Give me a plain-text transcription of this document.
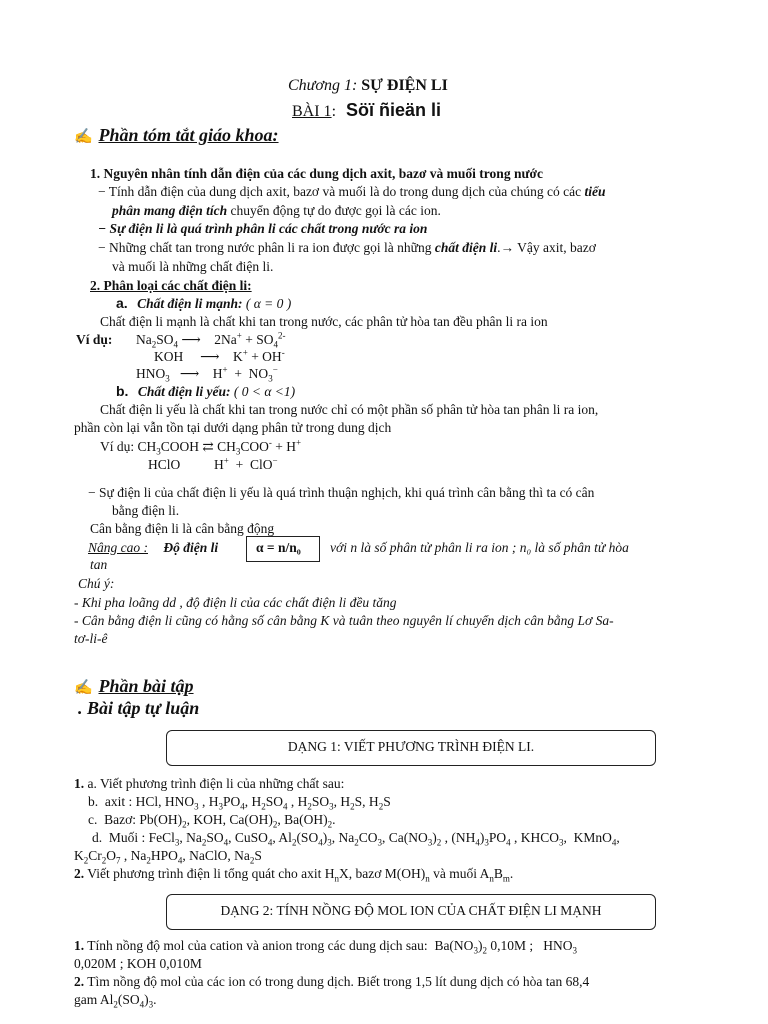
Chương 1: SỰ ĐIỆN LI
BÀI 1: Söï ñieän li
✍ Phần tóm tắt giáo khoa:
1. Nguyên nhân tính dẫn điện của các dung dịch axit, bazơ và muối trong nước
− Tính dẫn điện của dung dịch axit, bazơ và muối là do trong dung dịch của chúng có các tiểu
phân mang điện tích chuyển động tự do được gọi là các ion.
− Sự điện li là quá trình phân li các chất trong nước ra ion
− Những chất tan trong nước phân li ra ion được gọi là những chất điện li.→ Vậy axit, bazơ
và muối là những chất điện li.
2. Phân loại các chất điện li:
a. Chất điện li mạnh: ( α = 0 )
Chất điện li mạnh là chất khi tan trong nước, các phân tử hòa tan đều phân li ra ion
Ví dụ: $Na_2SO_4$ ⟶    $2Na^+ + SO_4^{2-}$
KOH     ⟶    K+ + OH-
$HNO_3$   ⟶    $H^+ + NO_3^-$
b. Chất điện li yếu: ( 0 < α <1)
Chất điện li yếu là chất khi tan trong nước chỉ có một phần số phân tử hòa tan phân li ra ion,
phần còn lại vẫn tồn tại dưới dạng phân tử trong dung dịch
Ví dụ: $CH_3COOH$ ⇄ $CH_3COO^- + H^+$
HClO          H+  +  ClO−
− Sự điện li của chất điện li yếu là quá trình thuận nghịch, khi quá trình cân bằng thì ta có cân
bằng điện li.
Cân bằng điện li là cân bằng động
Nâng cao : Độ điện li	α = n/n₀ với n là số phân tử phân li ra ion ; n₀ là số phân tử hòa
tan
Chú ý:
- Khi pha loãng dd , độ điện li của các chất điện li đều tăng
- Cân bằng điện li cũng có hằng số cân bằng K và tuân theo nguyên lí chuyển dịch cân bằng Lơ Sa-
tơ-li-ê
✍ Phần bài tập
. Bài tập tự luận
DẠNG 1: VIẾT PHƯƠNG TRÌNH ĐIỆN LI.
1. a. Viết phương trình điện li của những chất sau:
b.  axit : HCl, $HNO_3$ , $H_3PO_4$, $H_2SO_4$ , $H_2SO_3$, $H_2S$, $H_2S$
c.  Bazơ: $Pb(OH)_2$, KOH, $Ca(OH)_2$, $Ba(OH)_2$.
d.  Muối : FeCl$_3$, $Na_2SO_4$, CuSO$_4$, $Al_2(SO_4)_3$, $Na_2CO_3$, $Ca(NO_3)_2$ , $(NH_4)_3PO_4$ , $KHCO_3$,  KMnO$_4$,
$K_2Cr_2O_7$ , $Na_2HPO_4$, NaClO, $Na_2S$
2. Viết phương trình điện li tổng quát cho axit $H_nX$, bazơ $M(OH)_n$ và muối $A_nB_m$.
DẠNG 2: TÍNH NỒNG ĐỘ MOL ION CỦA CHẤT ĐIỆN LI MẠNH
1. Tính nồng độ mol của cation và anion trong các dung dịch sau:  $Ba(NO_3)_2$ 0,10M ;   $HNO_3$
0,020M ; KOH 0,010M
2. Tìm nồng độ mol của các ion có trong dung dịch. Biết trong 1,5 lít dung dịch có hòa tan 68,4
gam $Al_2(SO_4)_3$.
